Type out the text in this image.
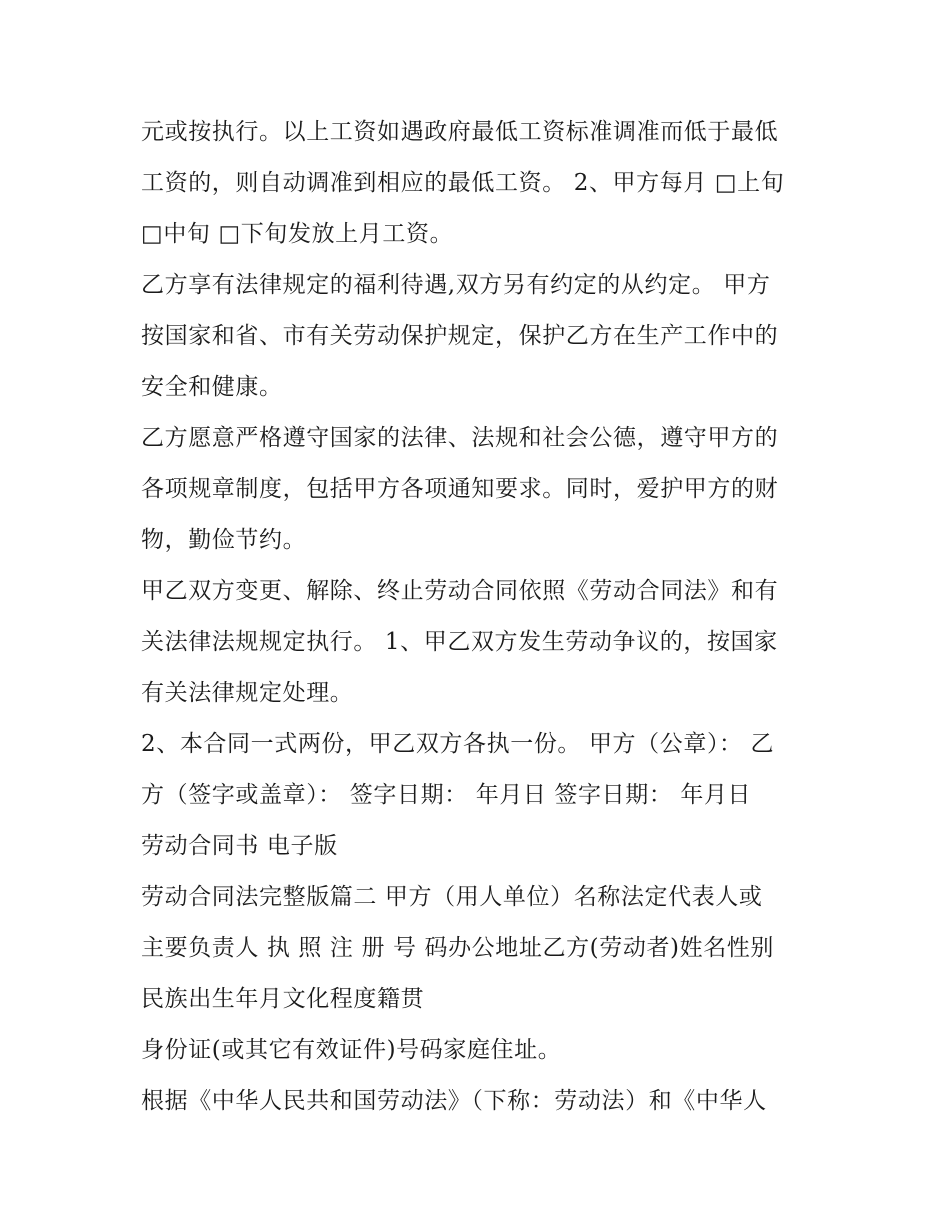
元或按执行。以上工资如遇政府最低工资标准调准而低于最低
工资的，则自动调准到相应的最低工资。 2、甲方每月 □上旬
□中旬 □下旬发放上月工资。
乙方享有法律规定的福利待遇,双方另有约定的从约定。 甲方
按国家和省、市有关劳动保护规定，保护乙方在生产工作中的
安全和健康。
乙方愿意严格遵守国家的法律、法规和社会公德，遵守甲方的
各项规章制度，包括甲方各项通知要求。同时，爱护甲方的财
物，勤俭节约。
甲乙双方变更、解除、终止劳动合同依照《劳动合同法》和有
关法律法规规定执行。 1、甲乙双方发生劳动争议的，按国家
有关法律规定处理。
2、本合同一式两份，甲乙双方各执一份。 甲方（公章）： 乙
方（签字或盖章）： 签字日期： 年月日 签字日期： 年月日
劳动合同书 电子版
劳动合同法完整版篇二 甲方（用人单位）名称法定代表人或
主要负责人 执 照 注 册 号 码办公地址乙方(劳动者)姓名性别
民族出生年月文化程度籍贯
身份证(或其它有效证件)号码家庭住址。
根据《中华人民共和国劳动法》（下称：劳动法）和《中华人
